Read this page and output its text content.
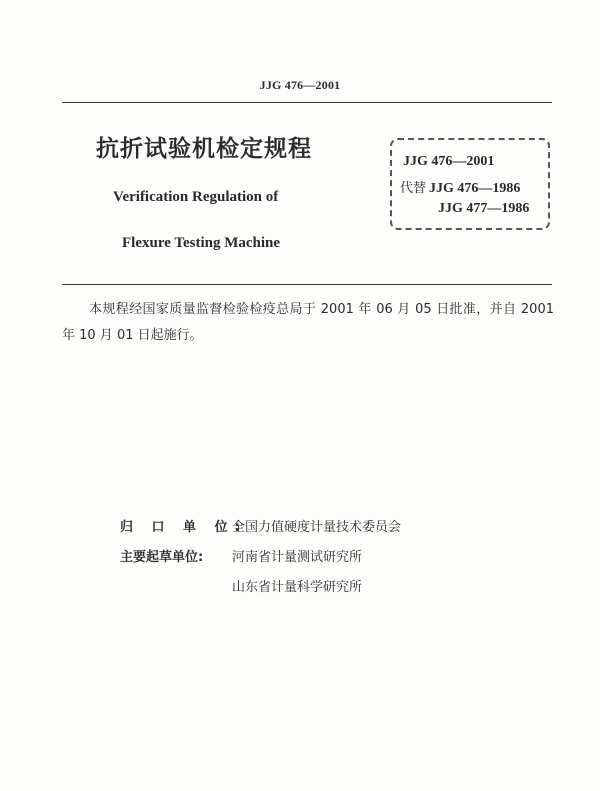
JJG 476—2001
抗折试验机检定规程
Verification Regulation of
Flexure Testing Machine
JJG 476—2001
代替 JJG 476—1986
JJG 477—1986
本规程经国家质量监督检验检疫总局于 2001 年 06 月 05 日批准，并自 2001 年 10 月 01 日起施行。
归 口 单 位:
全国力值硬度计量技术委员会
主要起草单位: 河南省计量测试研究所
山东省计量科学研究所
